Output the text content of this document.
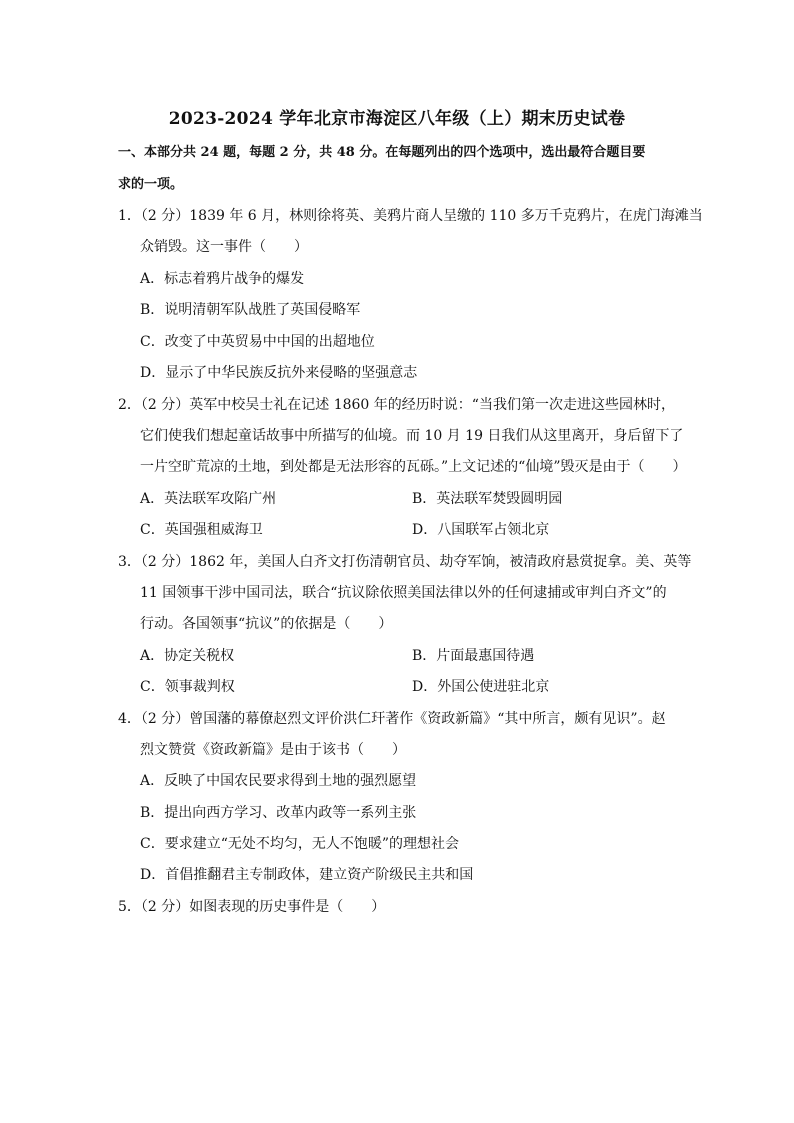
2023-2024 学年北京市海淀区八年级（上）期末历史试卷
一、本部分共 24 题，每题 2 分，共 48 分。在每题列出的四个选项中，选出最符合题目要
求的一项。
1．（2 分）1839 年 6 月，林则徐将英、美鸦片商人呈缴的 110 多万千克鸦片，在虎门海滩当
众销毁。这一事件（　　）
A．标志着鸦片战争的爆发
B．说明清朝军队战胜了英国侵略军
C．改变了中英贸易中中国的出超地位
D．显示了中华民族反抗外来侵略的坚强意志
2．（2 分）英军中校吴士礼在记述 1860 年的经历时说：“当我们第一次走进这些园林时，
它们使我们想起童话故事中所描写的仙境。而 10 月 19 日我们从这里离开，身后留下了
一片空旷荒凉的土地，到处都是无法形容的瓦砾。”上文记述的“仙境”毁灭是由于（　　）
A．英法联军攻陷广州	B．英法联军焚毁圆明园
C．英国强租威海卫	D．八国联军占领北京
3．（2 分）1862 年，美国人白齐文打伤清朝官员、劫夺军饷，被清政府悬赏捉拿。美、英等
11 国领事干涉中国司法，联合“抗议除依照美国法律以外的任何逮捕或审判白齐文”的
行动。各国领事“抗议”的依据是（　　）
A．协定关税权	B．片面最惠国待遇
C．领事裁判权	D．外国公使进驻北京
4．（2 分）曾国藩的幕僚赵烈文评价洪仁玕著作《资政新篇》“其中所言，颇有见识”。赵
烈文赞赏《资政新篇》是由于该书（　　）
A．反映了中国农民要求得到土地的强烈愿望
B．提出向西方学习、改革内政等一系列主张
C．要求建立“无处不均匀，无人不饱暖”的理想社会
D．首倡推翻君主专制政体，建立资产阶级民主共和国
5．（2 分）如图表现的历史事件是（　　）
